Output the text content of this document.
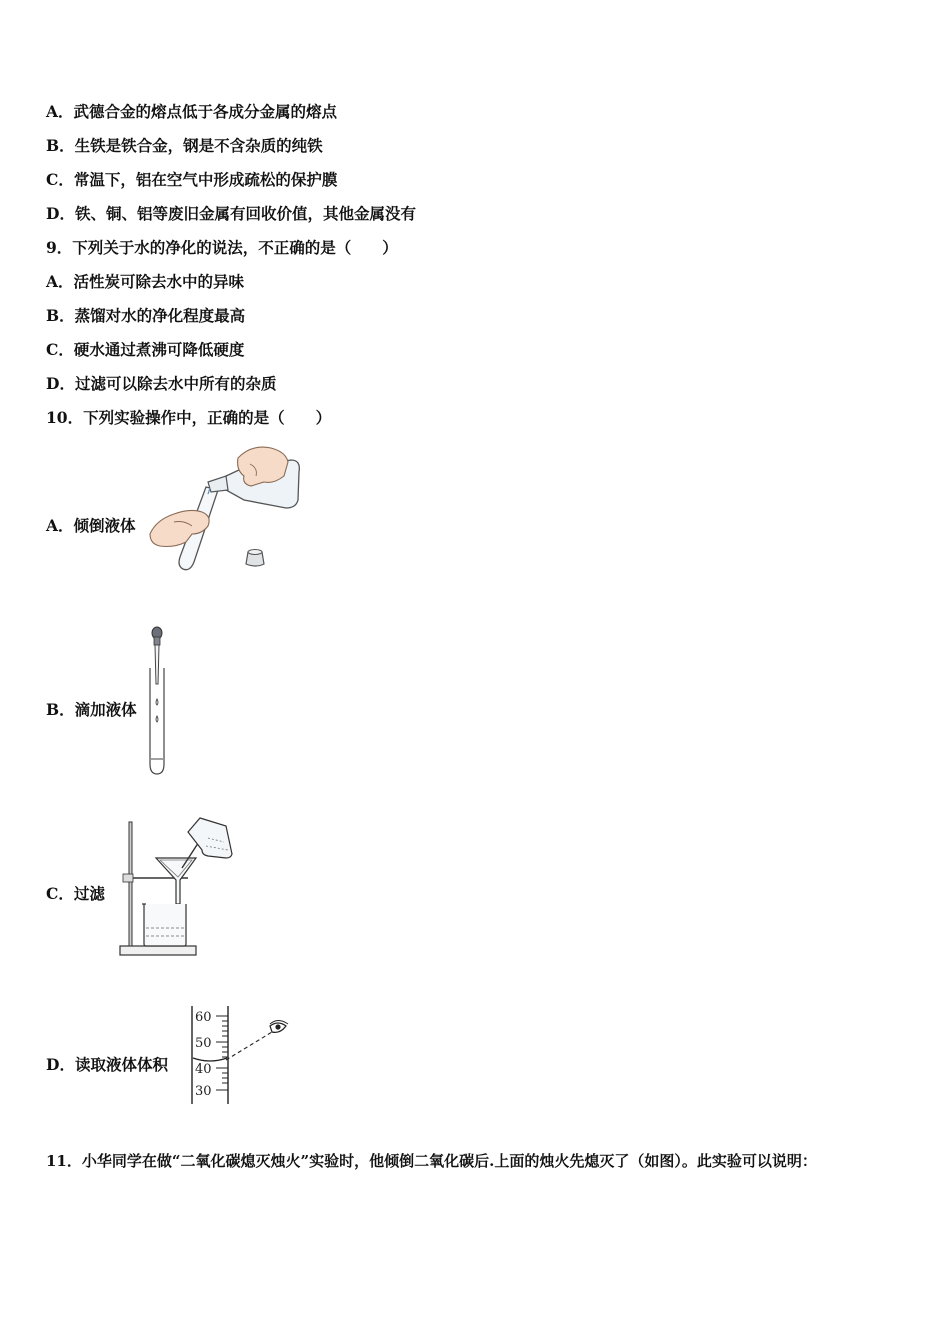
A．武德合金的熔点低于各成分金属的熔点
B．生铁是铁合金，钢是不含杂质的纯铁
C．常温下，铝在空气中形成疏松的保护膜
D．铁、铜、铝等废旧金属有回收价值，其他金属没有
9．下列关于水的净化的说法，不正确的是（　　）
A．活性炭可除去水中的异味
B．蒸馏对水的净化程度最高
C．硬水通过煮沸可降低硬度
D．过滤可以除去水中所有的杂质
10．下列实验操作中，正确的是（　　）
A．倾倒液体
B．滴加液体
C．过滤
D．读取液体体积
60
50
40
30
11．小华同学在做“二氧化碳熄灭烛火”实验时，他倾倒二氧化碳后.上面的烛火先熄灭了（如图）。此实验可以说明：
